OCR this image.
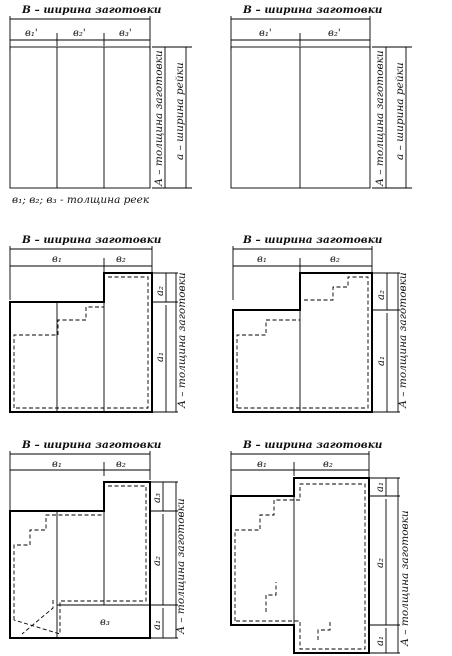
В – ширина заготовки
в₁'	в₂'	в₃'
А – толщина заготовки а – ширина рейки
в₁; в₂; в₃ - толщина реек
В – ширина заготовки
в₁'	в₂'
А – толщина заготовки а – ширина рейки
В – ширина заготовки
в₁	в₂
а₂
а₁ А – толщина заготовки
В – ширина заготовки
в₁	в₂
а₂
а₁ А – толщина заготовки
В – ширина заготовки
в₁	в₂
в₃
а₃
а₂
а₁ А – толщина заготовки
В – ширина заготовки
в₁	в₂
а₁
а₂
а₁ А – толщина заготовки
